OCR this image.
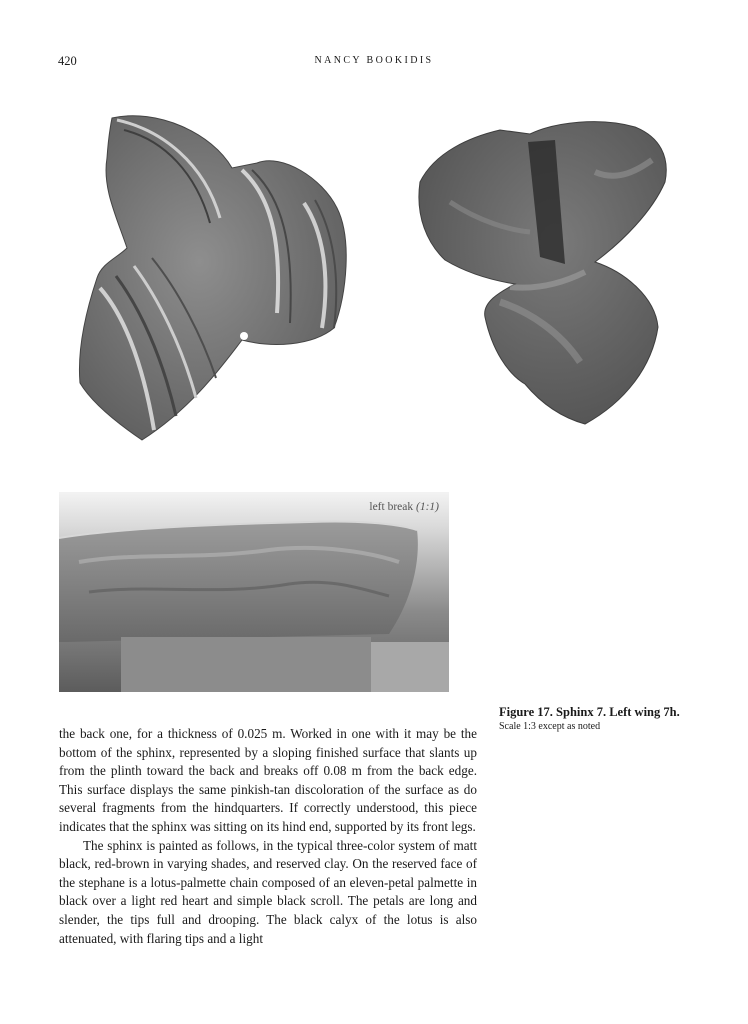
420	NANCY BOOKIDIS
left break (1:1)
Figure 17. Sphinx 7. Left wing 7h.
Scale 1:3 except as noted

the back one, for a thickness of 0.025 m. Worked in one with it may be the bottom of the sphinx, represented by a sloping finished surface that slants up from the plinth toward the back and breaks off 0.08 m from the back edge. This surface displays the same pinkish-tan discoloration of the surface as do several fragments from the hindquarters. If correctly understood, this piece indicates that the sphinx was sitting on its hind end, supported by its front legs.

The sphinx is painted as follows, in the typical three-color system of matt black, red-brown in varying shades, and reserved clay. On the reserved face of the stephane is a lotus-palmette chain composed of an eleven-petal palmette in black over a light red heart and simple black scroll. The petals are long and slender, the tips full and drooping. The black calyx of the lotus is also attenuated, with flaring tips and a light
